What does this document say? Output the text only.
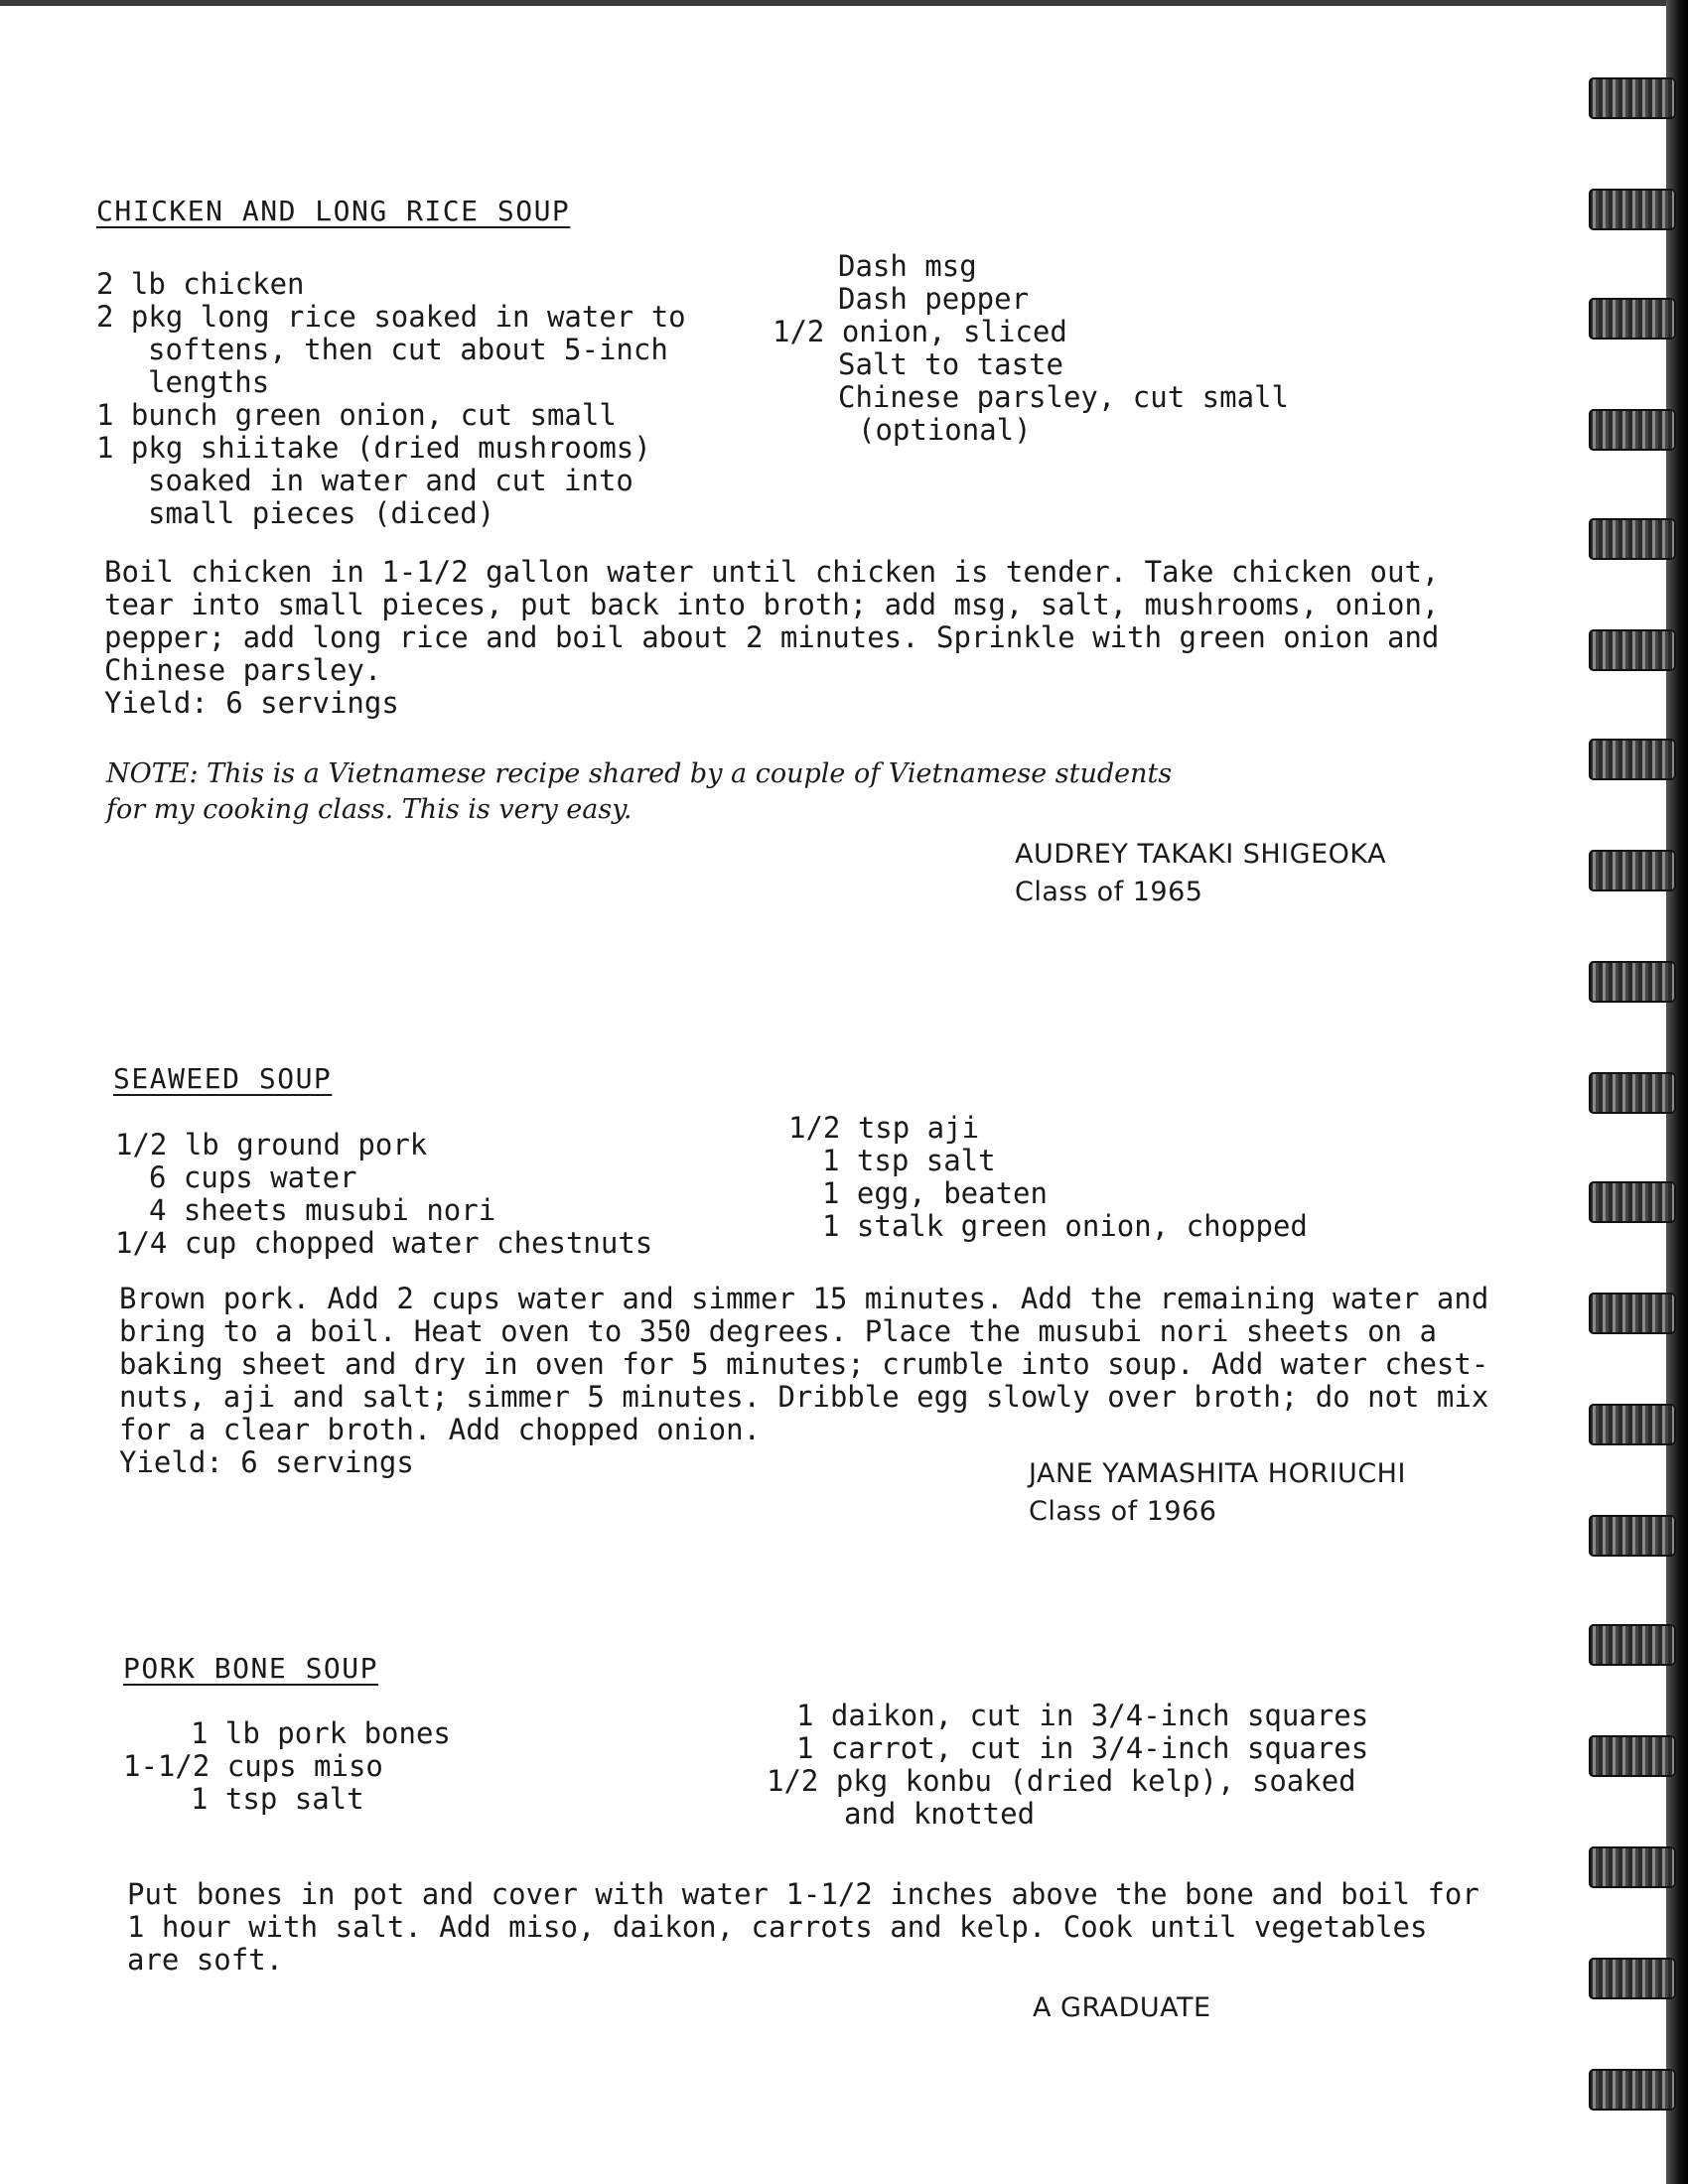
CHICKEN AND LONG RICE SOUP
2 lb chicken
2 pkg long rice soaked in water to
softens, then cut about 5-inch
lengths
1 bunch green onion, cut small
1 pkg shiitake (dried mushrooms)
soaked in water and cut into
small pieces (diced)
Dash msg
Dash pepper
1/2 onion, sliced
Salt to taste
Chinese parsley, cut small
(optional)
Boil chicken in 1-1/2 gallon water until chicken is tender. Take chicken out,
tear into small pieces, put back into broth; add msg, salt, mushrooms, onion,
pepper; add long rice and boil about 2 minutes. Sprinkle with green onion and
Chinese parsley.
Yield: 6 servings
NOTE: This is a Vietnamese recipe shared by a couple of Vietnamese students
for my cooking class. This is very easy.
AUDREY TAKAKI SHIGEOKA
Class of 1965
SEAWEED SOUP
1/2 lb ground pork
6 cups water
4 sheets musubi nori
1/4 cup chopped water chestnuts
1/2 tsp aji
1 tsp salt
1 egg, beaten
1 stalk green onion, chopped
Brown pork. Add 2 cups water and simmer 15 minutes. Add the remaining water and
bring to a boil. Heat oven to 350 degrees. Place the musubi nori sheets on a
baking sheet and dry in oven for 5 minutes; crumble into soup. Add water chest-
nuts, aji and salt; simmer 5 minutes. Dribble egg slowly over broth; do not mix
for a clear broth. Add chopped onion.
Yield: 6 servings	JANE YAMASHITA HORIUCHI
Class of 1966
PORK BONE SOUP
1 lb pork bones
1-1/2 cups miso
1 tsp salt
1 daikon, cut in 3/4-inch squares
1 carrot, cut in 3/4-inch squares
1/2 pkg konbu (dried kelp), soaked
and knotted
Put bones in pot and cover with water 1-1/2 inches above the bone and boil for
1 hour with salt. Add miso, daikon, carrots and kelp. Cook until vegetables
are soft.
A GRADUATE
